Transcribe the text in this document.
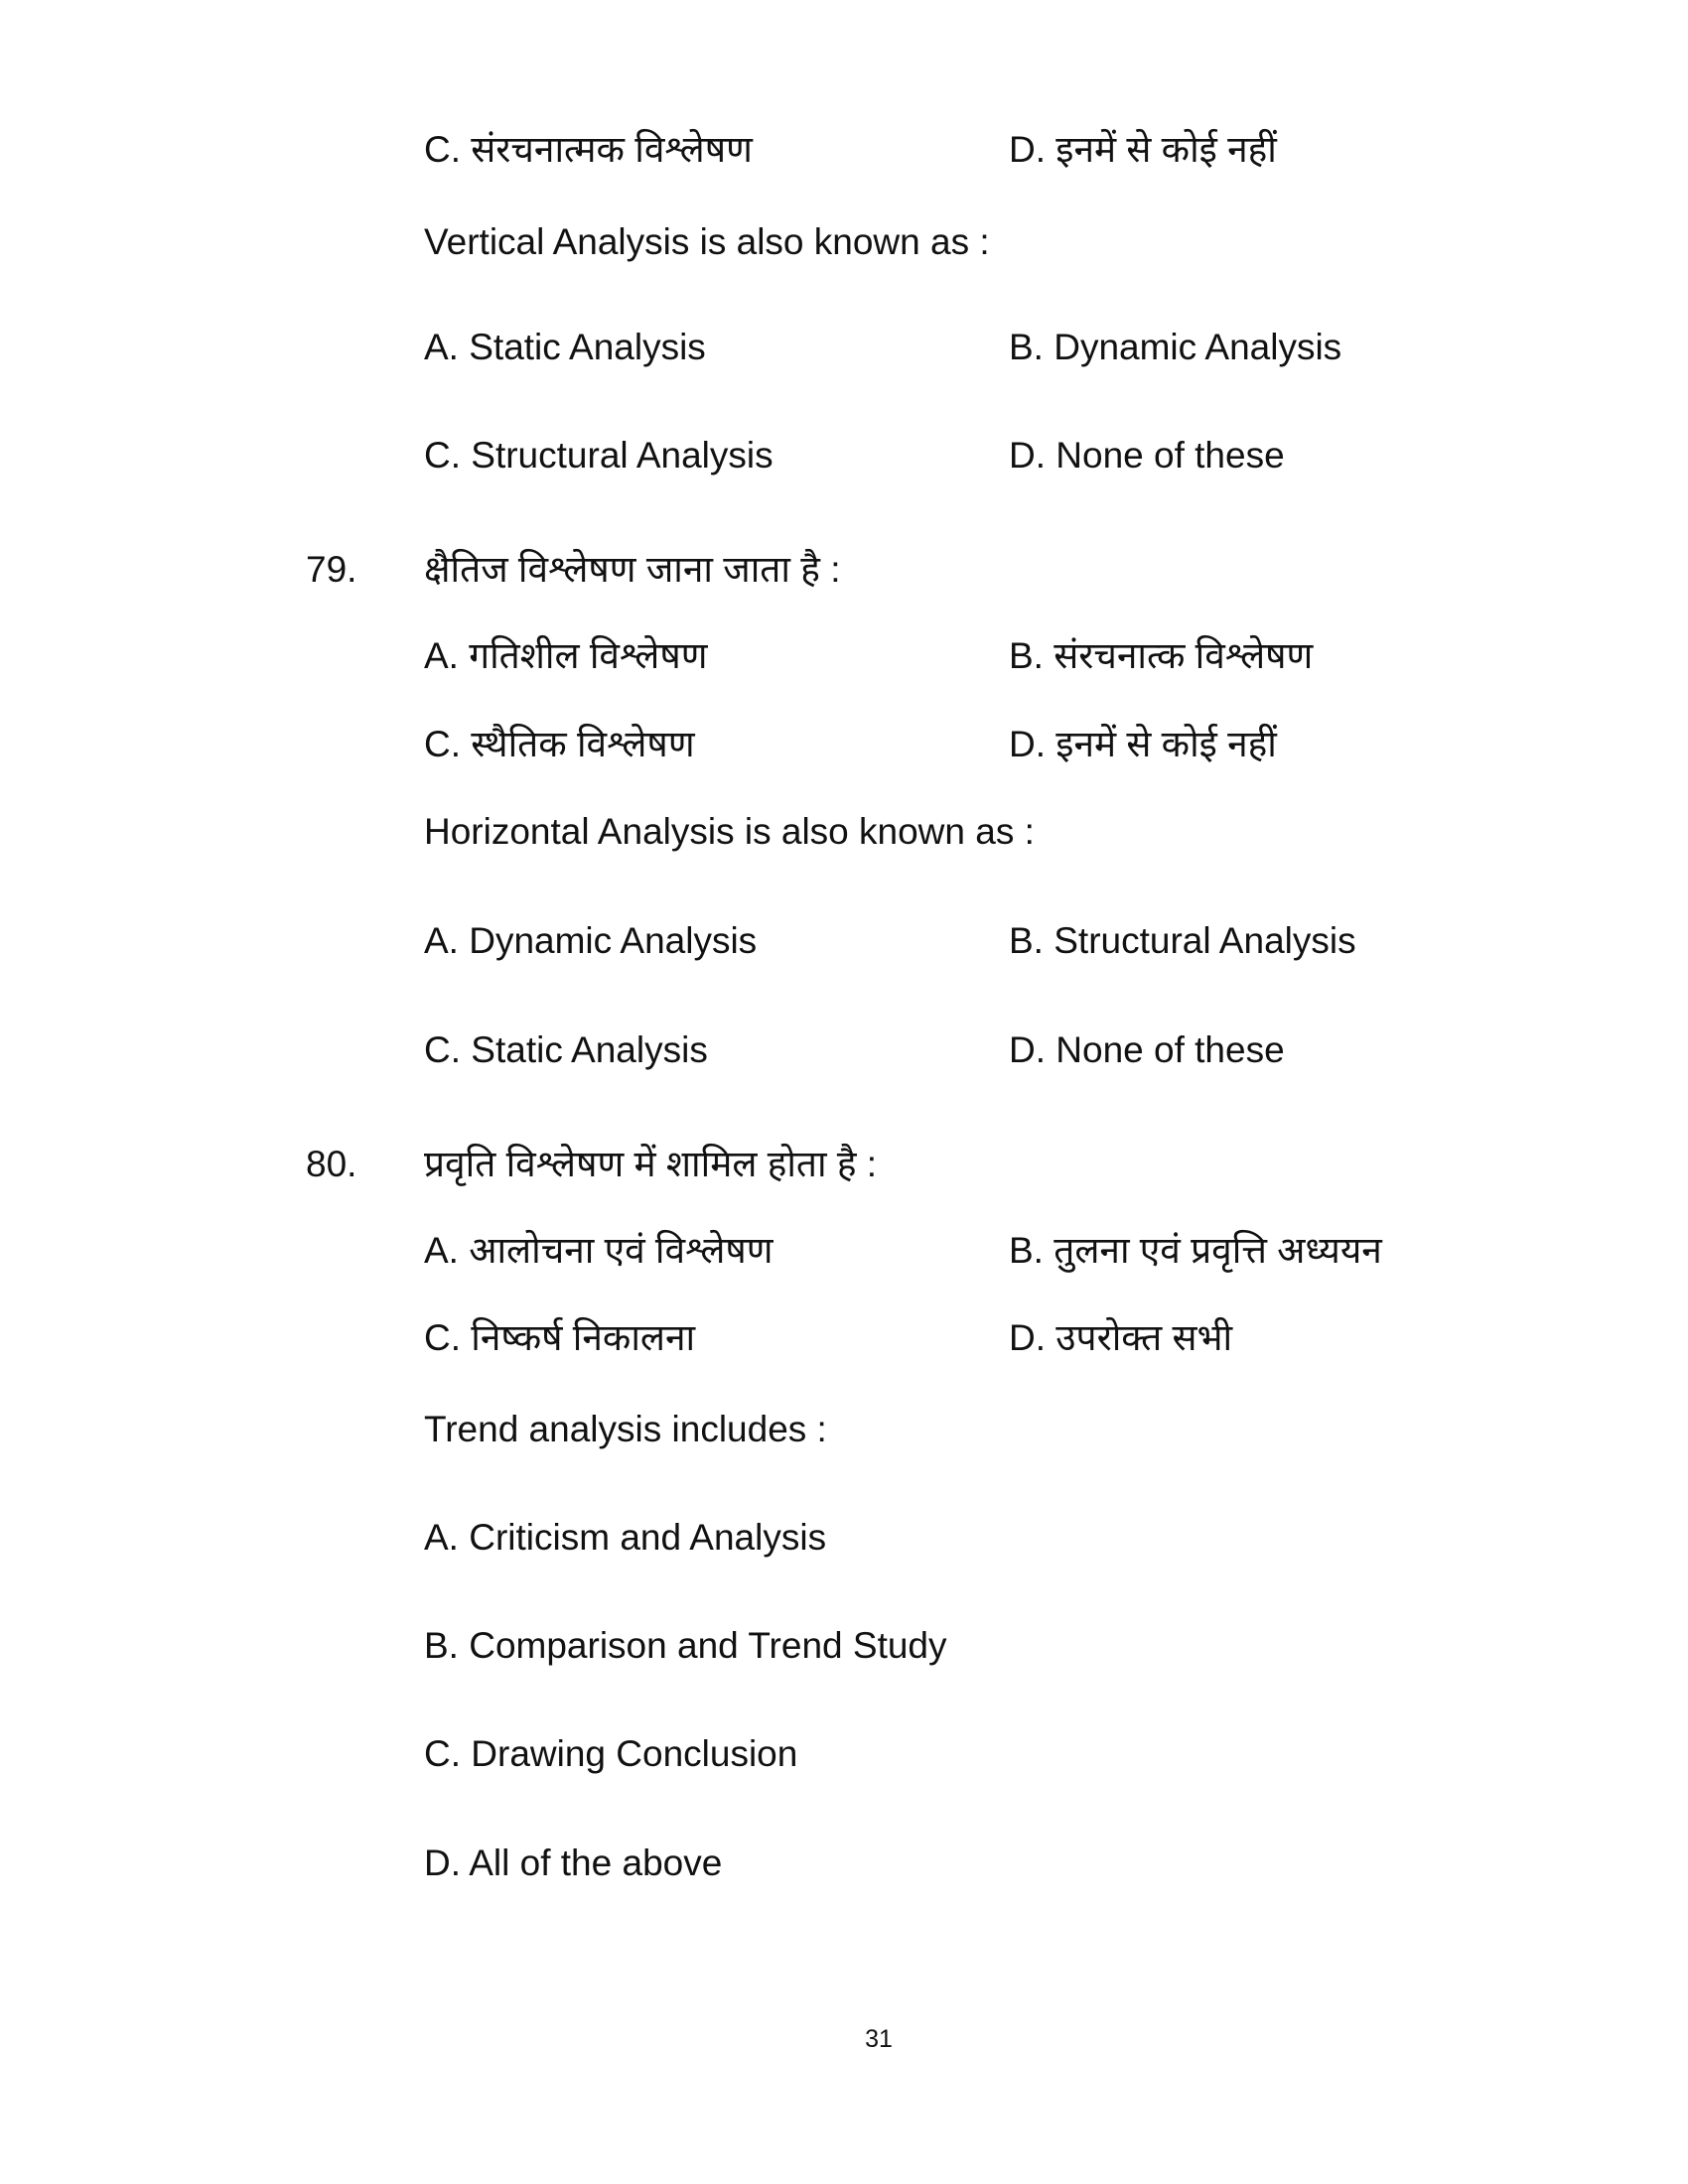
C. संरचनात्मक विश्लेषण	D. इनमें से कोई नहीं
Vertical Analysis is also known as :
A. Static Analysis	B. Dynamic Analysis
C. Structural Analysis	D. None of these
79. क्षैतिज विश्लेषण जाना जाता है :
A. गतिशील विश्लेषण	B. संरचनात्क विश्लेषण
C. स्थैतिक विश्लेषण	D. इनमें से कोई नहीं
Horizontal Analysis is also known as :
A. Dynamic Analysis	B. Structural Analysis
C. Static Analysis	D. None of these
80. प्रवृति विश्लेषण में शामिल होता है :
A. आलोचना एवं विश्लेषण	B. तुलना एवं प्रवृत्ति अध्ययन
C. निष्कर्ष निकालना	D. उपरोक्त सभी
Trend analysis includes :
A. Criticism and Analysis
B. Comparison and Trend Study
C. Drawing Conclusion
D. All of the above
31
